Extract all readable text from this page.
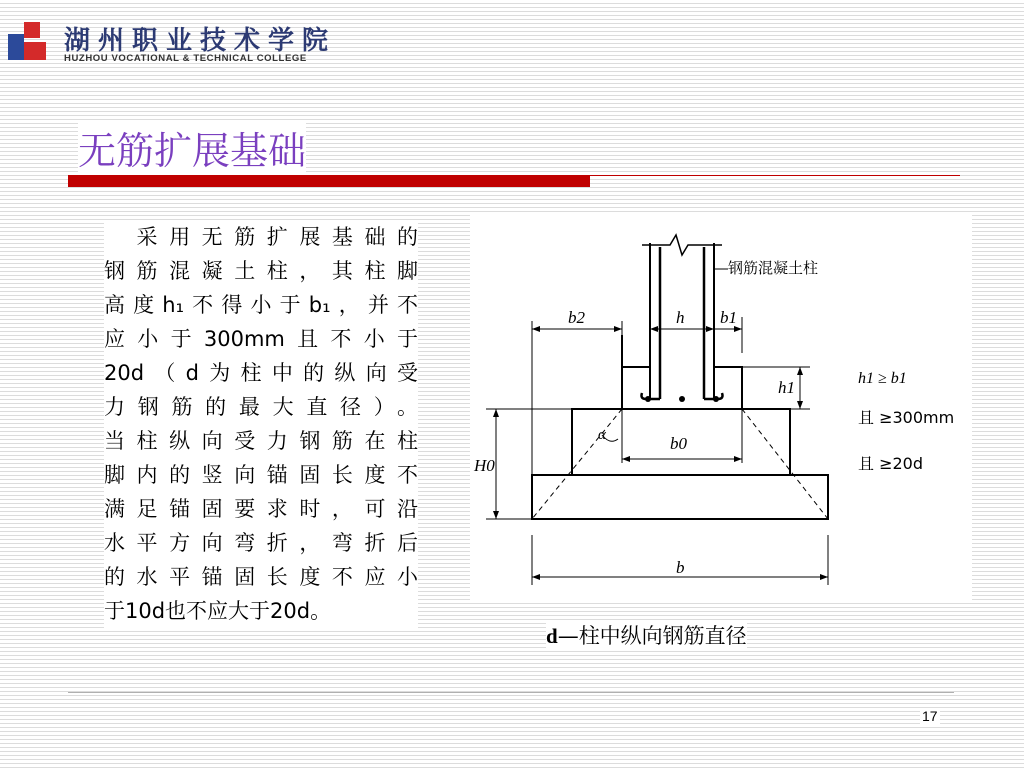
湖州职业技术学院
HUZHOU VOCATIONAL & TECHNICAL COLLEGE
无筋扩展基础
　采用无筋扩展基础的
钢筋混凝土柱，其柱脚
高度h₁不得小于b₁，并不
应小于300mm且不小于
20d（d为柱中的纵向受
力钢筋的最大直径）。
当柱纵向受力钢筋在柱
脚内的竖向锚固长度不
满足锚固要求时，可沿
水平方向弯折，弯折后
的水平锚固长度不应小
于10d也不应大于20d。
钢筋混凝土柱
b2	h b1
h1
α	b0
H0
b
h1 ≥ b1
且 ≥300mm
且 ≥20d
d—柱中纵向钢筋直径
17
